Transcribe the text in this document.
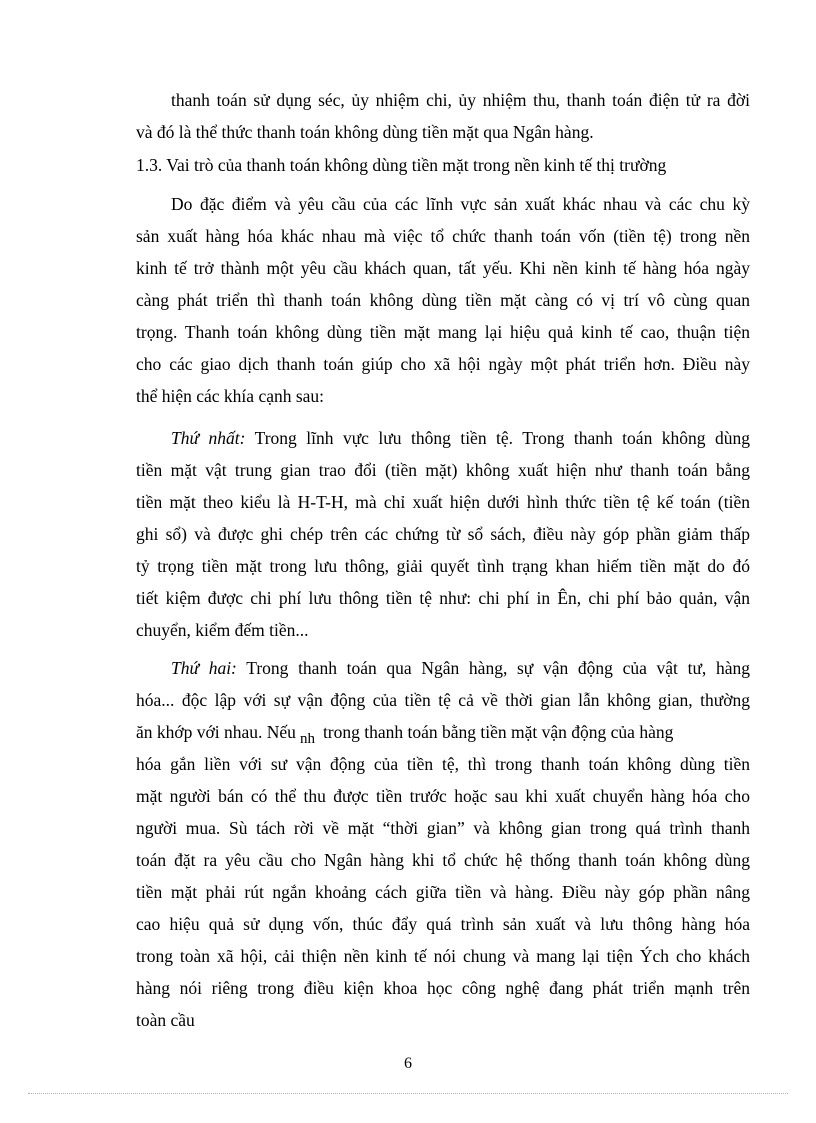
thanh toán sử dụng séc, ủy nhiệm chi, ủy nhiệm thu, thanh toán điện tử ra đời
và đó là thể thức thanh toán không dùng tiền mặt qua Ngân hàng.
1.3. Vai trò của thanh toán không dùng tiền mặt trong nền kinh tế thị trường
Do đặc điểm và yêu cầu của các lĩnh vực sản xuất khác nhau và các chu kỳ
sản xuất hàng hóa khác nhau mà việc tổ chức thanh toán vốn (tiền tệ) trong nền
kinh tế trở thành một yêu cầu khách quan, tất yếu. Khi nền kinh tế hàng hóa ngày
càng phát triển thì thanh toán không dùng tiền mặt càng có vị trí vô cùng quan
trọng. Thanh toán không dùng tiền mặt mang lại hiệu quả kinh tế cao, thuận tiện
cho các giao dịch thanh toán giúp cho xã hội ngày một phát triển hơn. Điều này
thể hiện các khía cạnh sau:
Thứ nhất: Trong lĩnh vực lưu thông tiền tệ. Trong thanh toán không dùng
tiền mặt vật trung gian trao đổi (tiền mặt) không xuất hiện như thanh toán bằng
tiền mặt theo kiểu là H-T-H, mà chỉ xuất hiện dưới hình thức tiền tệ kế toán (tiền
ghi sổ) và được ghi chép trên các chứng từ sổ sách, điều này góp phần giảm thấp
tỷ trọng tiền mặt trong lưu thông, giải quyết tình trạng khan hiếm tiền mặt do đó
tiết kiệm được chi phí lưu thông tiền tệ như: chi phí in Ên, chi phí bảo quản, vận
chuyển, kiểm đếm tiền...
Thứ hai: Trong thanh toán qua Ngân hàng, sự vận động của vật tư, hàng
hóa... độc lập với sự vận động của tiền tệ cả về thời gian lẫn không gian, thường
ăn khớp với nhau. Nếu nh trong thanh toán bằng tiền mặt vận động của hàng
hóa gắn liền với sư vận động của tiền tệ, thì trong thanh toán không dùng tiền
mặt người bán có thể thu được tiền trước hoặc sau khi xuất chuyển hàng hóa cho
người mua. Sù tách rời về mặt “thời gian” và không gian trong quá trình thanh
toán đặt ra yêu cầu cho Ngân hàng khi tổ chức hệ thống thanh toán không dùng
tiền mặt phải rút ngắn khoảng cách giữa tiền và hàng. Điều này góp phần nâng
cao hiệu quả sử dụng vốn, thúc đẩy quá trình sản xuất và lưu thông hàng hóa
trong toàn xã hội, cải thiện nền kinh tế nói chung và mang lại tiện Ých cho khách
hàng nói riêng trong điều kiện khoa học công nghệ đang phát triển mạnh trên
toàn cầu
6
